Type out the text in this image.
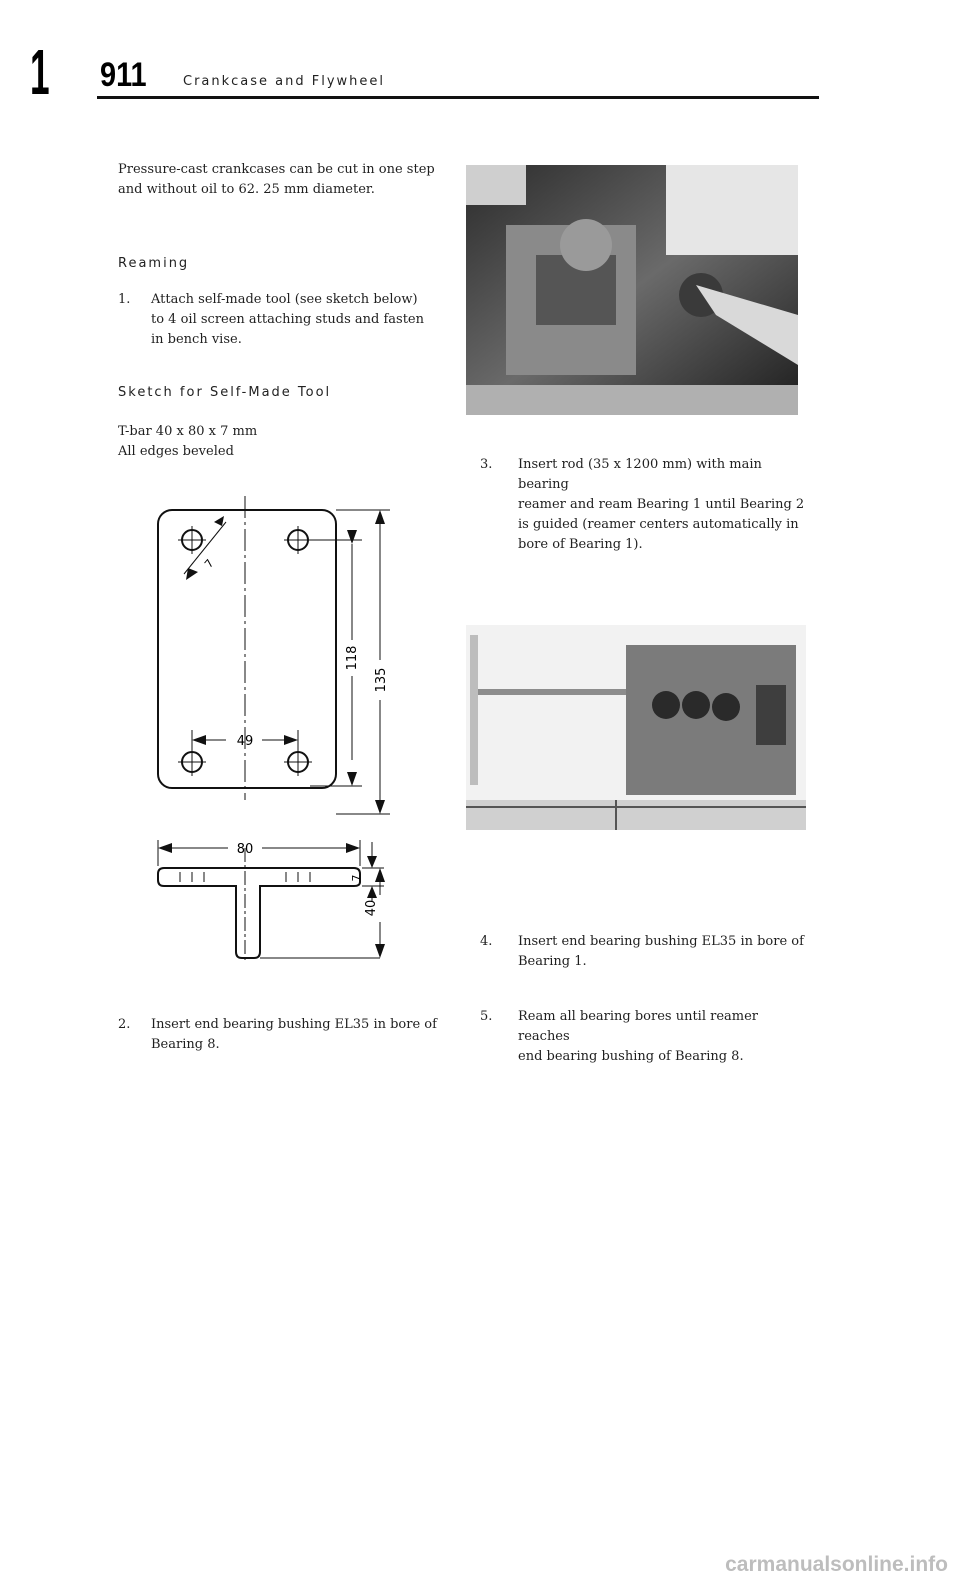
1 911	Crankcase and Flywheel
Pressure-cast crankcases can be cut in one step
and without oil to 62. 25 mm diameter.
Reaming
1. Attach self-made tool (see sketch below)
to 4 oil screen attaching studs and fasten
in bench vise.
Sketch for Self-Made Tool
T-bar 40 x 80 x 7 mm
All edges beveled
7
118
135
49
80
7
40
2. Insert end bearing bushing EL35 in bore of
Bearing 8.
3. Insert rod (35 x 1200 mm) with main bearing
reamer and ream Bearing 1 until Bearing 2
is guided (reamer centers automatically in
bore of Bearing 1).
4. Insert end bearing bushing EL35 in bore of
Bearing 1.
5. Ream all bearing bores until reamer reaches
end bearing bushing of Bearing 8.
carmanualsonline.info
